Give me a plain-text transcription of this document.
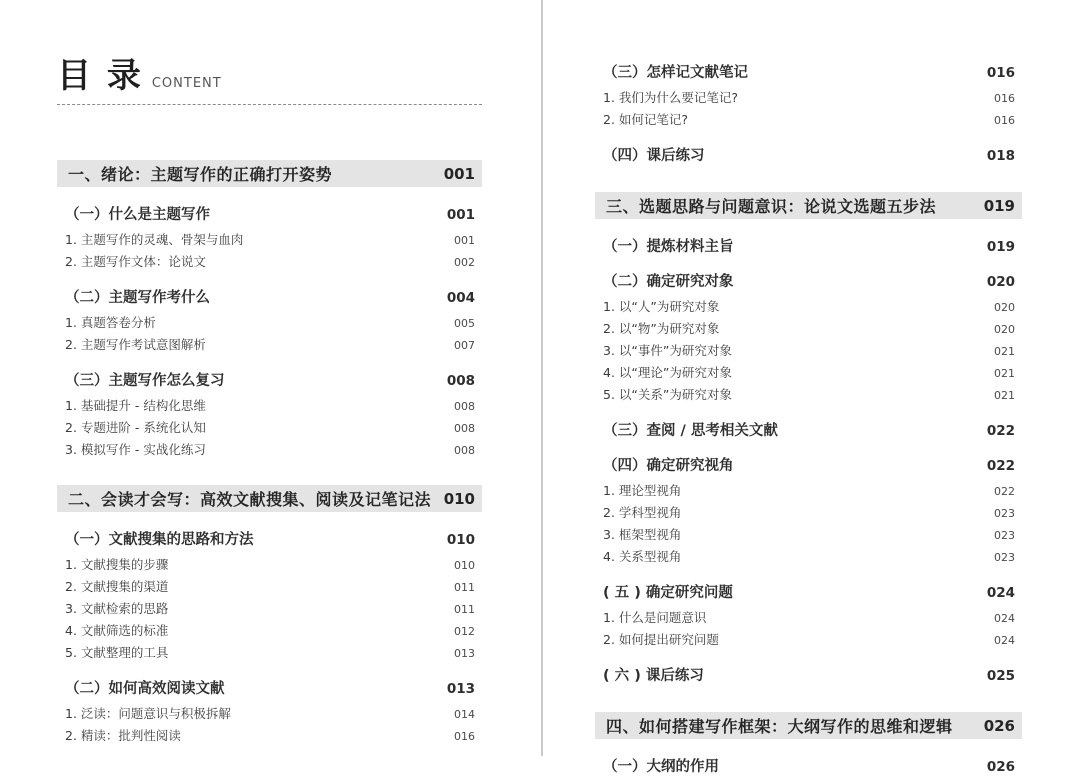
目 录 CONTENT
一、绪论：主题写作的正确打开姿势	001
（一）什么是主题写作	001
1. 主题写作的灵魂、骨架与血肉	001
2. 主题写作文体：论说文	002
（二）主题写作考什么	004
1. 真题答卷分析	005
2. 主题写作考试意图解析	007
（三）主题写作怎么复习	008
1. 基础提升 - 结构化思维	008
2. 专题进阶 - 系统化认知	008
3. 模拟写作 - 实战化练习	008
二、会读才会写：高效文献搜集、阅读及记笔记法 010
（一）文献搜集的思路和方法	010
1. 文献搜集的步骤	010
2. 文献搜集的渠道	011
3. 文献检索的思路	011
4. 文献筛选的标准	012
5. 文献整理的工具	013
（二）如何高效阅读文献	013
1. 泛读：问题意识与积极拆解	014
2. 精读：批判性阅读	016
（三）怎样记文献笔记	016
1. 我们为什么要记笔记?	016
2. 如何记笔记?	016
（四）课后练习	018
三、选题思路与问题意识：论说文选题五步法	019
（一）提炼材料主旨	019
（二）确定研究对象	020
1. 以“人”为研究对象	020
2. 以“物”为研究对象	020
3. 以“事件”为研究对象	021
4. 以“理论”为研究对象	021
5. 以“关系”为研究对象	021
（三）查阅 / 思考相关文献	022
（四）确定研究视角	022
1. 理论型视角	022
2. 学科型视角	023
3. 框架型视角	023
4. 关系型视角	023
( 五 ) 确定研究问题	024
1. 什么是问题意识	024
2. 如何提出研究问题	024
( 六 ) 课后练习	025
四、如何搭建写作框架：大纲写作的思维和逻辑 026
（一）大纲的作用	026
